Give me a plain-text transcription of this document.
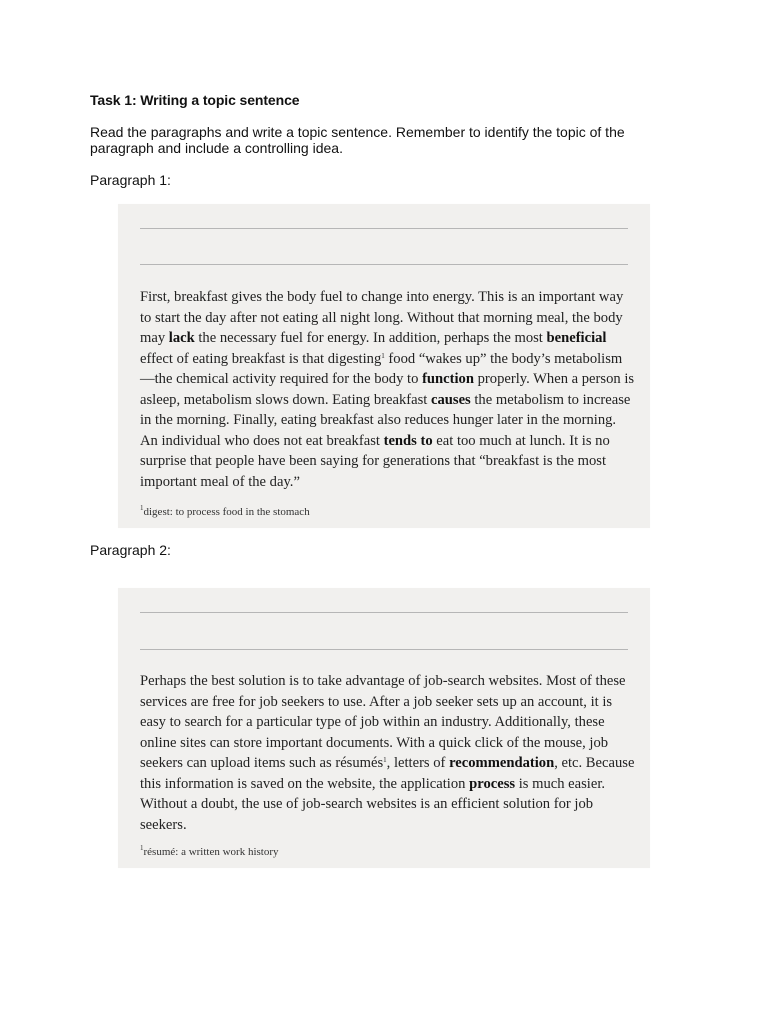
Task 1: Writing a topic sentence
Read the paragraphs and write a topic sentence. Remember to identify the topic of the paragraph and include a controlling idea.
Paragraph 1:
First, breakfast gives the body fuel to change into energy. This is an important way to start the day after not eating all night long. Without that morning meal, the body may lack the necessary fuel for energy. In addition, perhaps the most beneficial effect of eating breakfast is that digesting$^1$ food “wakes up” the body’s metabolism—the chemical activity required for the body to function properly. When a person is asleep, metabolism slows down. Eating breakfast causes the metabolism to increase in the morning. Finally, eating breakfast also reduces hunger later in the morning. An individual who does not eat breakfast tends to eat too much at lunch. It is no surprise that people have been saying for generations that “breakfast is the most important meal of the day.”
$^1$digest: to process food in the stomach
Paragraph 2:
Perhaps the best solution is to take advantage of job-search websites. Most of these services are free for job seekers to use. After a job seeker sets up an account, it is easy to search for a particular type of job within an industry. Additionally, these online sites can store important documents. With a quick click of the mouse, job seekers can upload items such as résumés$^1$, letters of recommendation, etc. Because this information is saved on the website, the application process is much easier. Without a doubt, the use of job-search websites is an efficient solution for job seekers.
$^1$résumé: a written work history
